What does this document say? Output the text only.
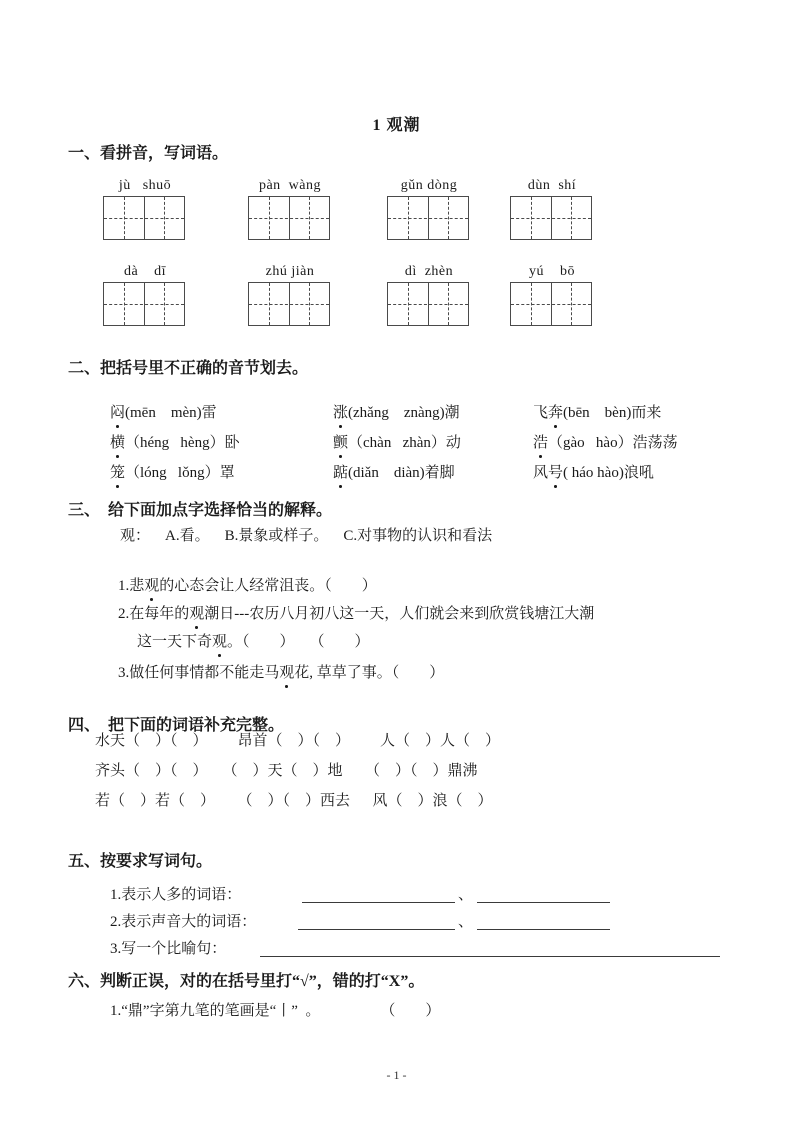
1 观潮
一、看拼音，写词语。
jù   shuō	pàn  wàng	gǔn dòng	dùn  shí
dà    dī	zhú jiàn	dì  zhèn	yú    bō
二、把括号里不正确的音节划去。

闷(mēn    mèn)雷
	涨(zhǎng    znàng)潮
	飞奔(bēn    bèn)而来

横（héng   hèng）卧
	颤（chàn   zhàn）动
	浩（gào   hào）浩荡荡

笼（lóng   lǒng）罩
	踮(diǎn    diàn)着脚
	风号( háo hào)浪吼

三、　给下面加点字选择恰当的解释。
观：　  A.看。　  B.景象或样子。　  C.对事物的认识和看法

1.悲观的心态会让人经常沮丧。（        ）

2.在每年的观潮日---农历八月初八这一天，人们就会来到欣赏钱塘江大潮

这一天下奇观。（        ）    （        ）

3.做任何事情都不能走马观花, 草草了事。（        ）

四、　把下面的词语补充完整。
水天（    ）（    ）        昂首（    ）（    ）        人（    ）人（    ）
齐头（    ）（    ）    （    ）天（    ）地      （    ）（    ）鼎沸
若（    ）若（    ）      （    ）（    ）西去      风（    ）浪（    ）
五、按要求写词句。
1.表示人多的词语：	、
2.表示声音大的词语：	、
3.写一个比喻句：
六、判断正误，对的在括号里打“√”，错的打“X”。
1.“鼎”字第九笔的笔画是“丨”  。                （        ）
- 1 -
